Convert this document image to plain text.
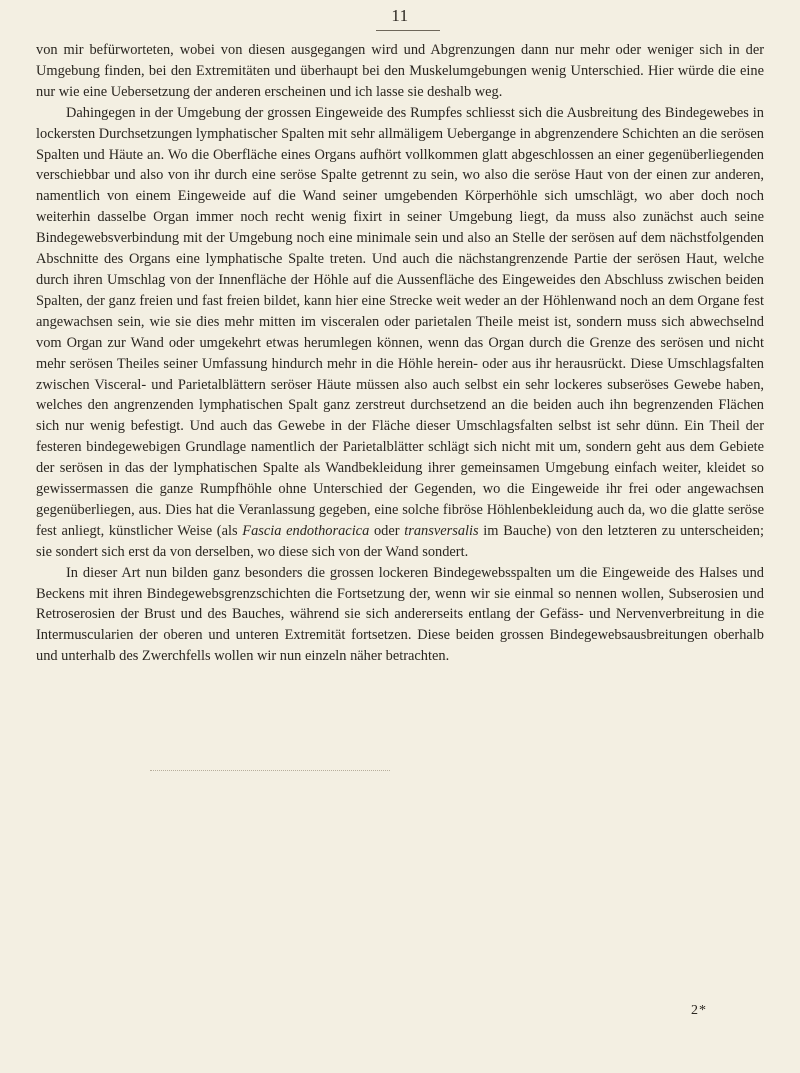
11

von mir befürworteten, wobei von diesen ausgegangen wird und Abgrenzungen dann nur mehr oder weniger sich in der Umgebung finden, bei den Extremitäten und überhaupt bei den Muskelumgebungen wenig Unterschied. Hier würde die eine nur wie eine Uebersetzung der anderen erscheinen und ich lasse sie deshalb weg.

Dahingegen in der Umgebung der grossen Eingeweide des Rumpfes schliesst sich die Ausbreitung des Bindegewebes in lockersten Durchsetzungen lymphatischer Spalten mit sehr allmäligem Uebergange in abgrenzendere Schichten an die serösen Spalten und Häute an. Wo die Oberfläche eines Organs aufhört vollkommen glatt abgeschlossen an einer gegenüberliegenden verschiebbar und also von ihr durch eine seröse Spalte getrennt zu sein, wo also die seröse Haut von der einen zur anderen, namentlich von einem Eingeweide auf die Wand seiner umgebenden Körperhöhle sich umschlägt, wo aber doch noch weiterhin dasselbe Organ immer noch recht wenig fixirt in seiner Umgebung liegt, da muss also zunächst auch seine Bindegewebsverbindung mit der Umgebung noch eine minimale sein und also an Stelle der serösen auf dem nächstfolgenden Abschnitte des Organs eine lymphatische Spalte treten. Und auch die nächstangrenzende Partie der serösen Haut, welche durch ihren Umschlag von der Innenfläche der Höhle auf die Aussenfläche des Eingeweides den Abschluss zwischen beiden Spalten, der ganz freien und fast freien bildet, kann hier eine Strecke weit weder an der Höhlenwand noch an dem Organe fest angewachsen sein, wie sie dies mehr mitten im visceralen oder parietalen Theile meist ist, sondern muss sich abwechselnd vom Organ zur Wand oder umgekehrt etwas herumlegen können, wenn das Organ durch die Grenze des serösen und nicht mehr serösen Theiles seiner Umfassung hindurch mehr in die Höhle herein- oder aus ihr herausrückt. Diese Umschlagsfalten zwischen Visceral- und Parietalblättern seröser Häute müssen also auch selbst ein sehr lockeres subseröses Gewebe haben, welches den angrenzenden lymphatischen Spalt ganz zerstreut durchsetzend an die beiden auch ihn begrenzenden Flächen sich nur wenig befestigt. Und auch das Gewebe in der Fläche dieser Umschlagsfalten selbst ist sehr dünn. Ein Theil der festeren bindegewebigen Grundlage namentlich der Parietalblätter schlägt sich nicht mit um, sondern geht aus dem Gebiete der serösen in das der lymphatischen Spalte als Wandbekleidung ihrer gemeinsamen Umgebung einfach weiter, kleidet so gewissermassen die ganze Rumpfhöhle ohne Unterschied der Gegenden, wo die Eingeweide ihr frei oder angewachsen gegenüberliegen, aus. Dies hat die Veranlassung gegeben, eine solche fibröse Höhlenbekleidung auch da, wo die glatte seröse fest anliegt, künstlicher Weise (als Fascia endothoracica oder transversalis im Bauche) von den letzteren zu unterscheiden; sie sondert sich erst da von derselben, wo diese sich von der Wand sondert.

In dieser Art nun bilden ganz besonders die grossen lockeren Bindegewebsspalten um die Eingeweide des Halses und Beckens mit ihren Bindegewebsgrenzschichten die Fortsetzung der, wenn wir sie einmal so nennen wollen, Subserosien und Retroserosien der Brust und des Bauches, während sie sich andererseits entlang der Gefäss- und Nervenverbreitung in die Intermuscularien der oberen und unteren Extremität fortsetzen. Diese beiden grossen Bindegewebsausbreitungen oberhalb und unterhalb des Zwerchfells wollen wir nun einzeln näher betrachten.

2*
